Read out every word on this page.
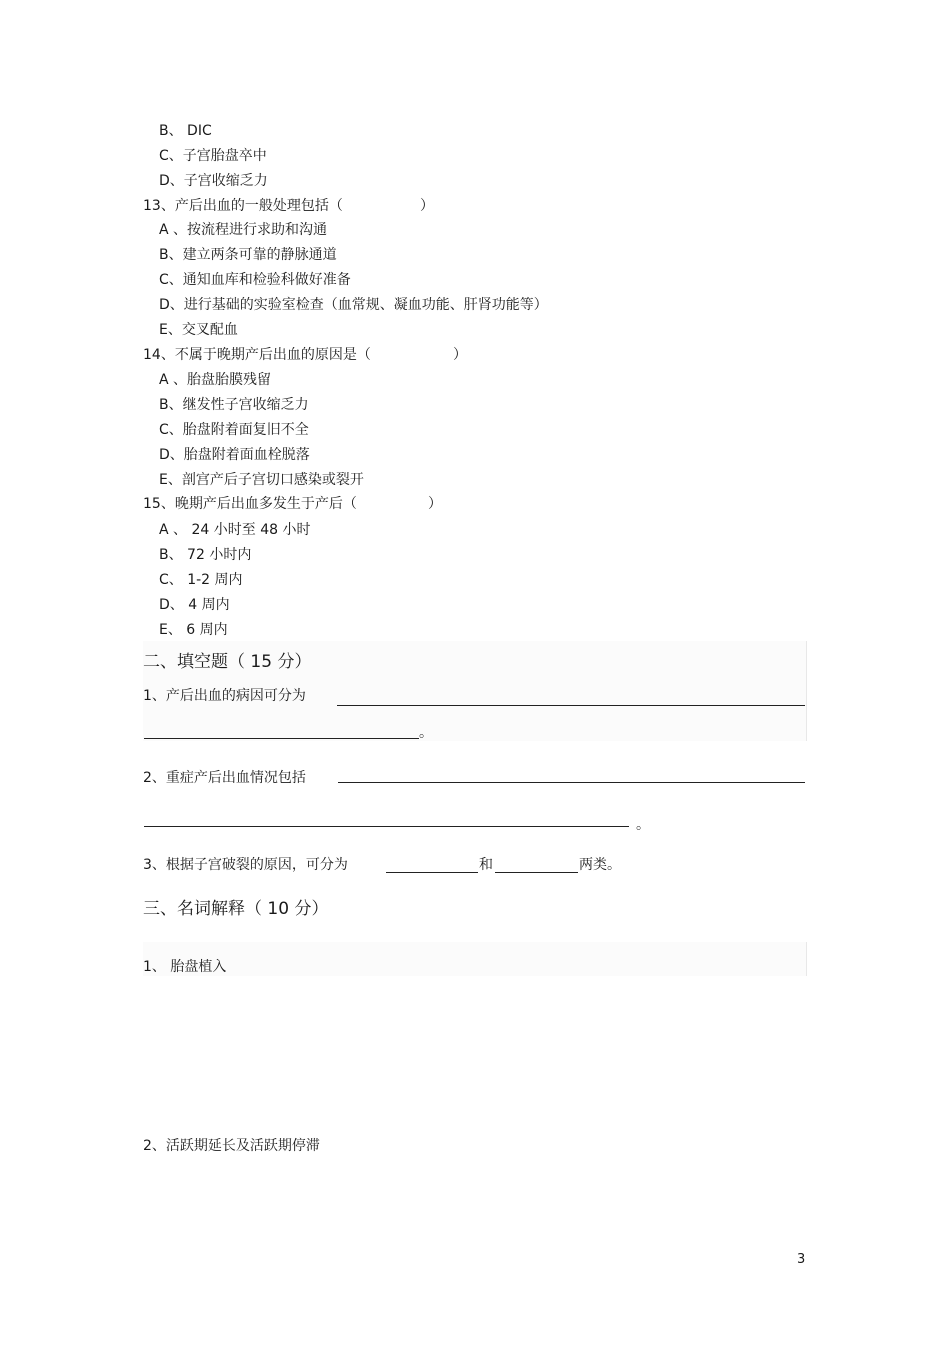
B、 DIC
C、子宫胎盘卒中
D、子宫收缩乏力
13、产后出血的一般处理包括（	）
A 、按流程进行求助和沟通
B、建立两条可靠的静脉通道
C、通知血库和检验科做好准备
D、进行基础的实验室检查（血常规、凝血功能、肝肾功能等）
E、交叉配血
14、不属于晚期产后出血的原因是（	）
A 、胎盘胎膜残留
B、继发性子宫收缩乏力
C、胎盘附着面复旧不全
D、胎盘附着面血栓脱落
E、剖宫产后子宫切口感染或裂开
15、晚期产后出血多发生于产后（	）
A 、 24 小时至 48 小时
B、 72 小时内
C、 1-2 周内
D、 4 周内
E、 6 周内
二、填空题（ 15 分）
1、产后出血的病因可分为
。
2、重症产后出血情况包括
。
3、根据子宫破裂的原因，可分为	和	两类。
三、名词解释（ 10 分）
1、 胎盘植入
2、活跃期延长及活跃期停滞
3
